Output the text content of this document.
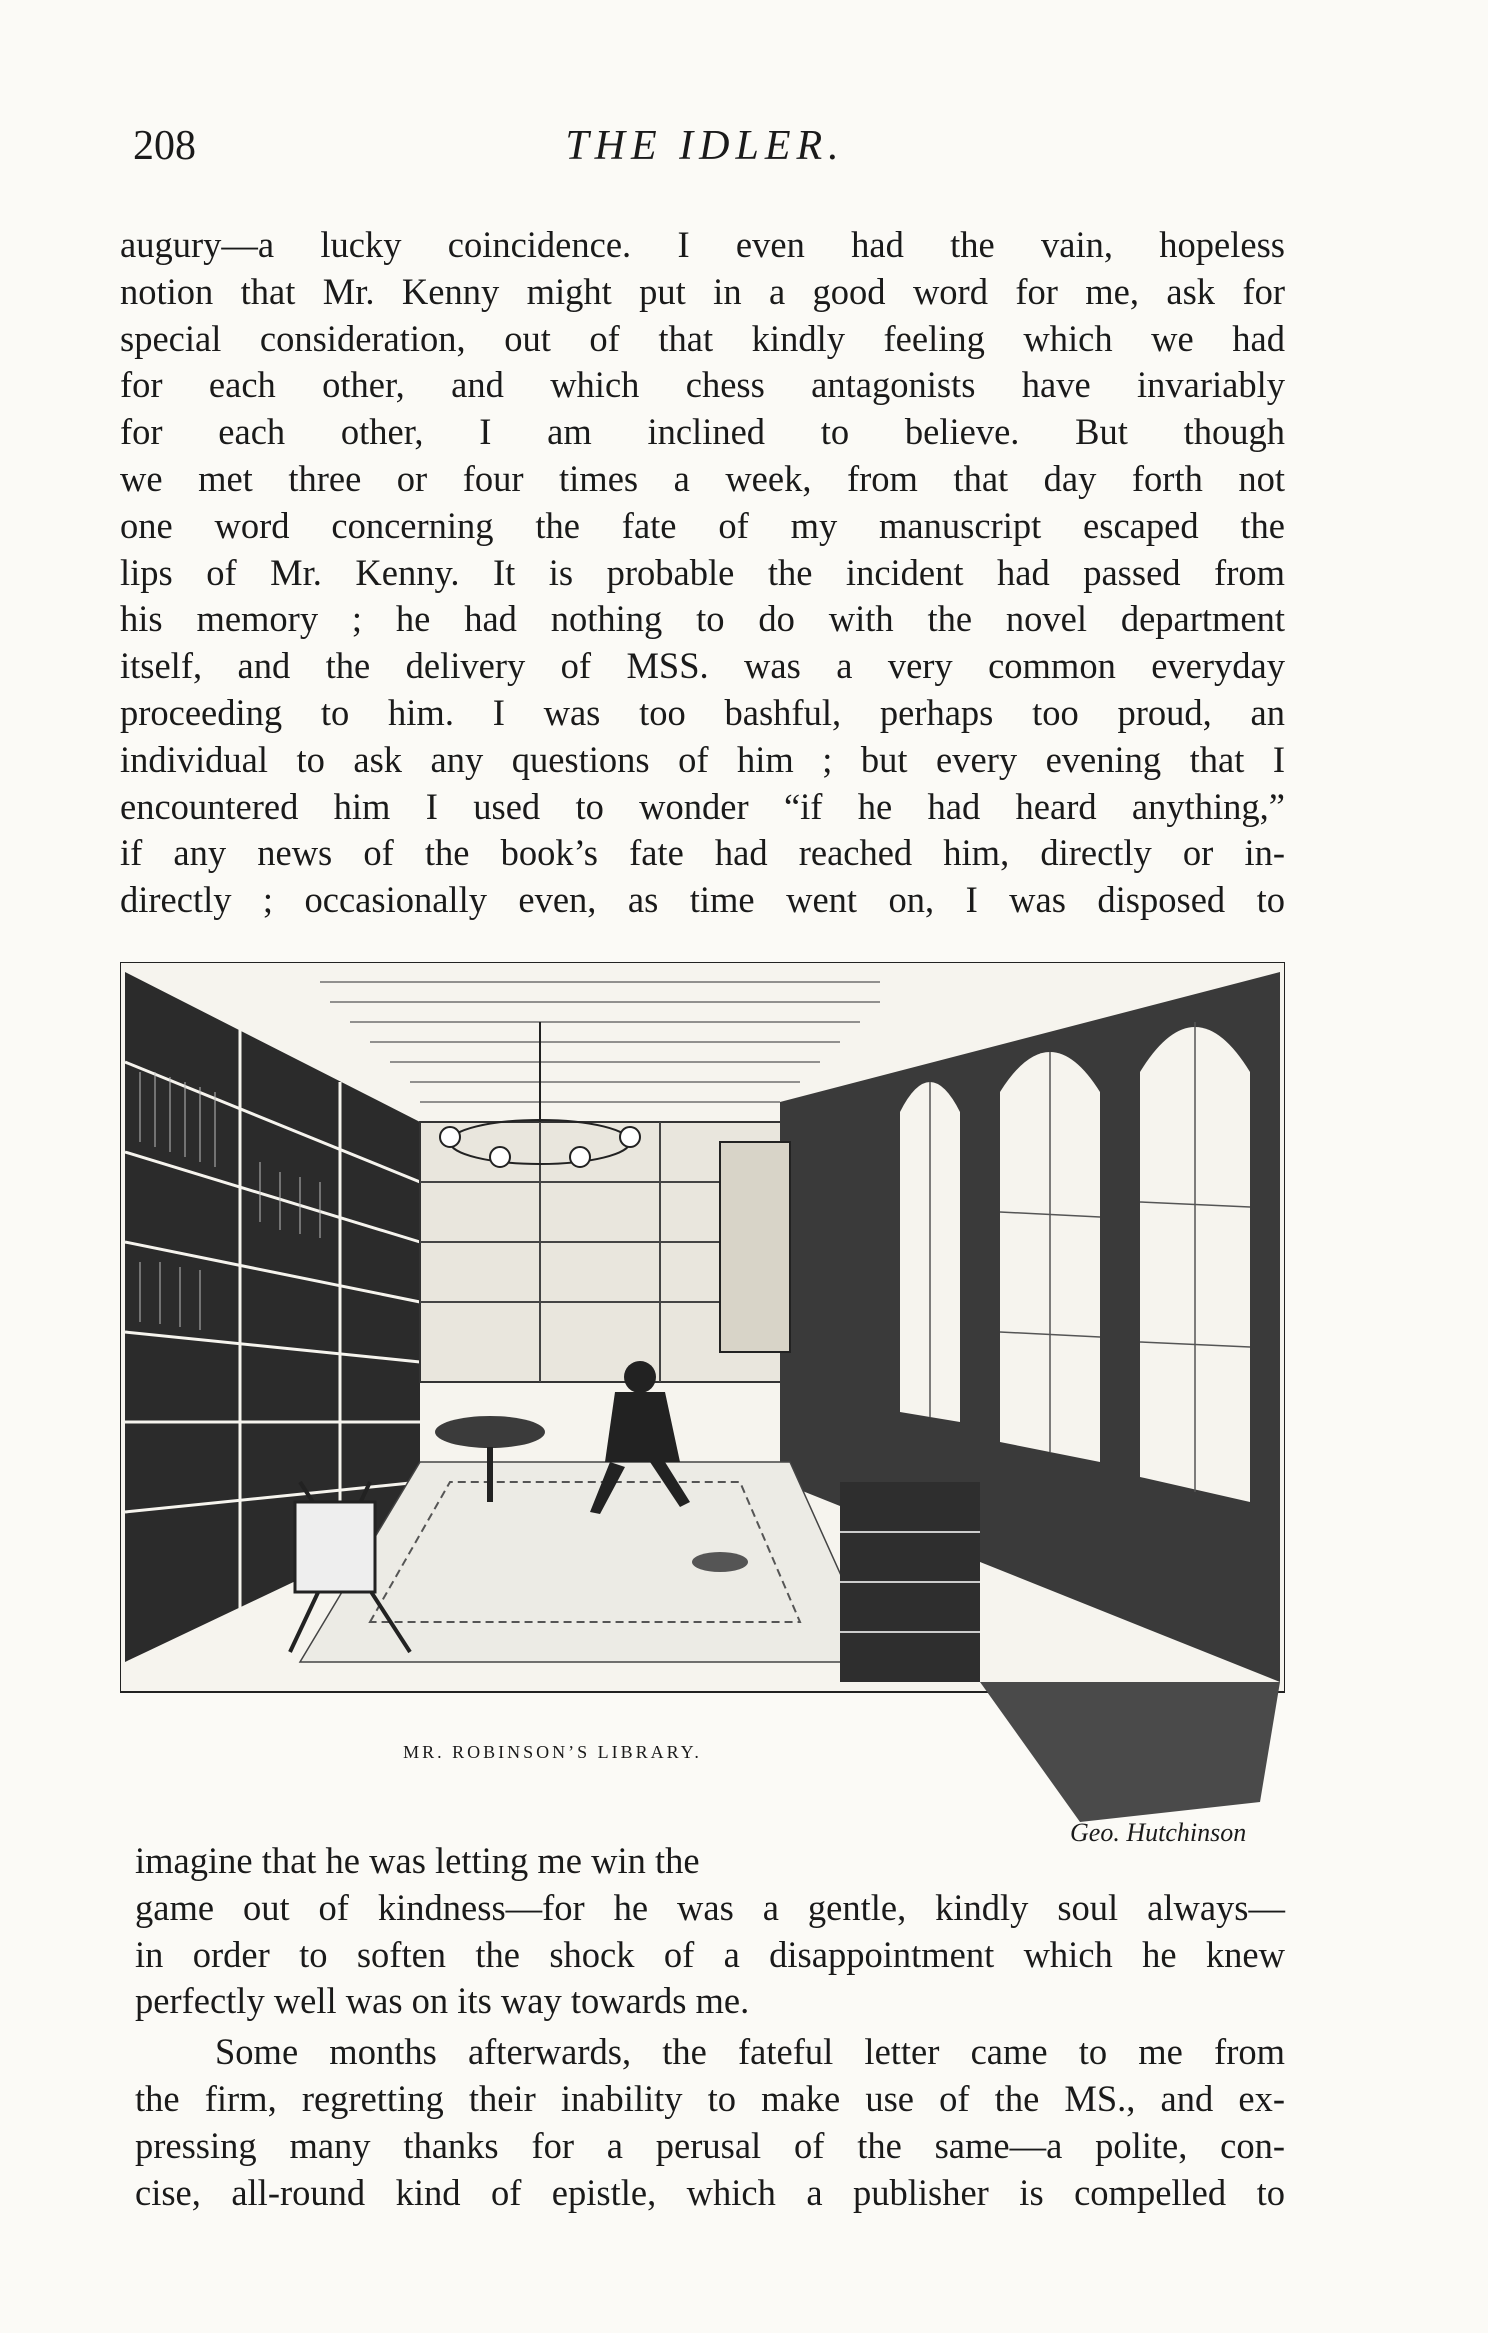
208	THE IDLER.
augury—a lucky coincidence. I even had the vain, hopeless
notion that Mr. Kenny might put in a good word for me, ask for
special consideration, out of that kindly feeling which we had
for each other, and which chess antagonists have invariably
for each other, I am inclined to believe. But though
we met three or four times a week, from that day forth not
one word concerning the fate of my manuscript escaped the
lips of Mr. Kenny. It is probable the incident had passed from
his memory ; he had nothing to do with the novel department
itself, and the delivery of MSS. was a very common everyday
proceeding to him. I was too bashful, perhaps too proud, an
individual to ask any questions of him ; but every evening that I
encountered him I used to wonder “if he had heard anything,”
if any news of the book’s fate had reached him, directly or in-
directly ; occasionally even, as time went on, I was disposed to
MR. ROBINSON’S LIBRARY.
Geo. Hutchinson
imagine that he was letting me win the
game out of kindness—for he was a gentle, kindly soul always—
in order to soften the shock of a disappointment which he knew
perfectly well was on its way towards me.
Some months afterwards, the fateful letter came to me from
the firm, regretting their inability to make use of the MS., and ex-
pressing many thanks for a perusal of the same—a polite, con-
cise, all-round kind of epistle, which a publisher is compelled to
